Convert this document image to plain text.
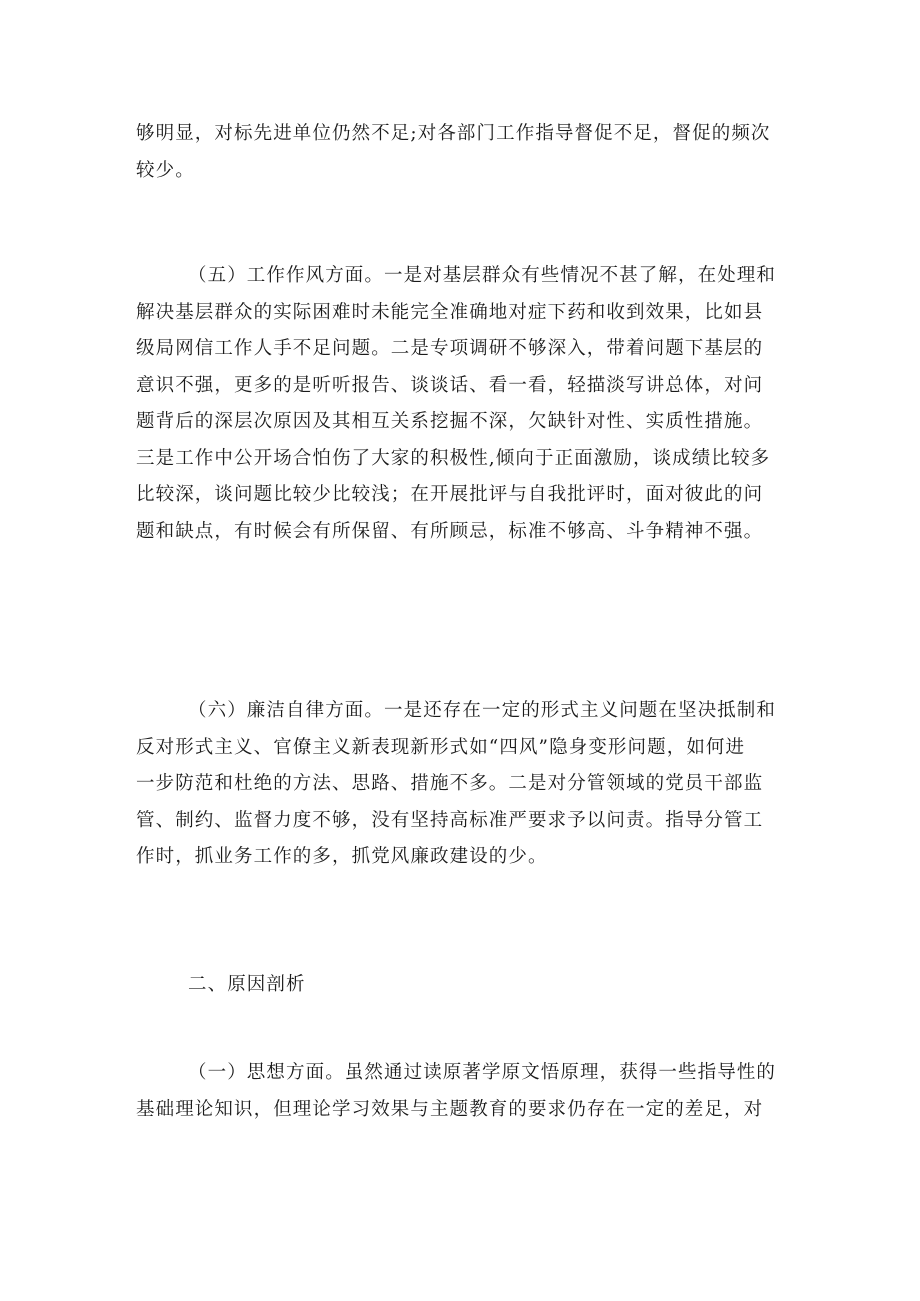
够明显，对标先进单位仍然不足;对各部门工作指导督促不足，督促的频次
较少。
（五）工作作风方面。一是对基层群众有些情况不甚了解，在处理和
解决基层群众的实际困难时未能完全准确地对症下药和收到效果，比如县
级局网信工作人手不足问题。二是专项调研不够深入，带着问题下基层的
意识不强，更多的是听听报告、谈谈话、看一看，轻描淡写讲总体，对问
题背后的深层次原因及其相互关系挖掘不深，欠缺针对性、实质性措施。
三是工作中公开场合怕伤了大家的积极性,倾向于正面激励，谈成绩比较多
比较深，谈问题比较少比较浅；在开展批评与自我批评时，面对彼此的问
题和缺点，有时候会有所保留、有所顾忌，标准不够高、斗争精神不强。
（六）廉洁自律方面。一是还存在一定的形式主义问题在坚决抵制和
反对形式主义、官僚主义新表现新形式如“四风”隐身变形问题，如何进
一步防范和杜绝的方法、思路、措施不多。二是对分管领域的党员干部监
管、制约、监督力度不够，没有坚持高标准严要求予以问责。指导分管工
作时，抓业务工作的多，抓党风廉政建设的少。
二、原因剖析
（一）思想方面。虽然通过读原著学原文悟原理，获得一些指导性的
基础理论知识，但理论学习效果与主题教育的要求仍存在一定的差足，对
